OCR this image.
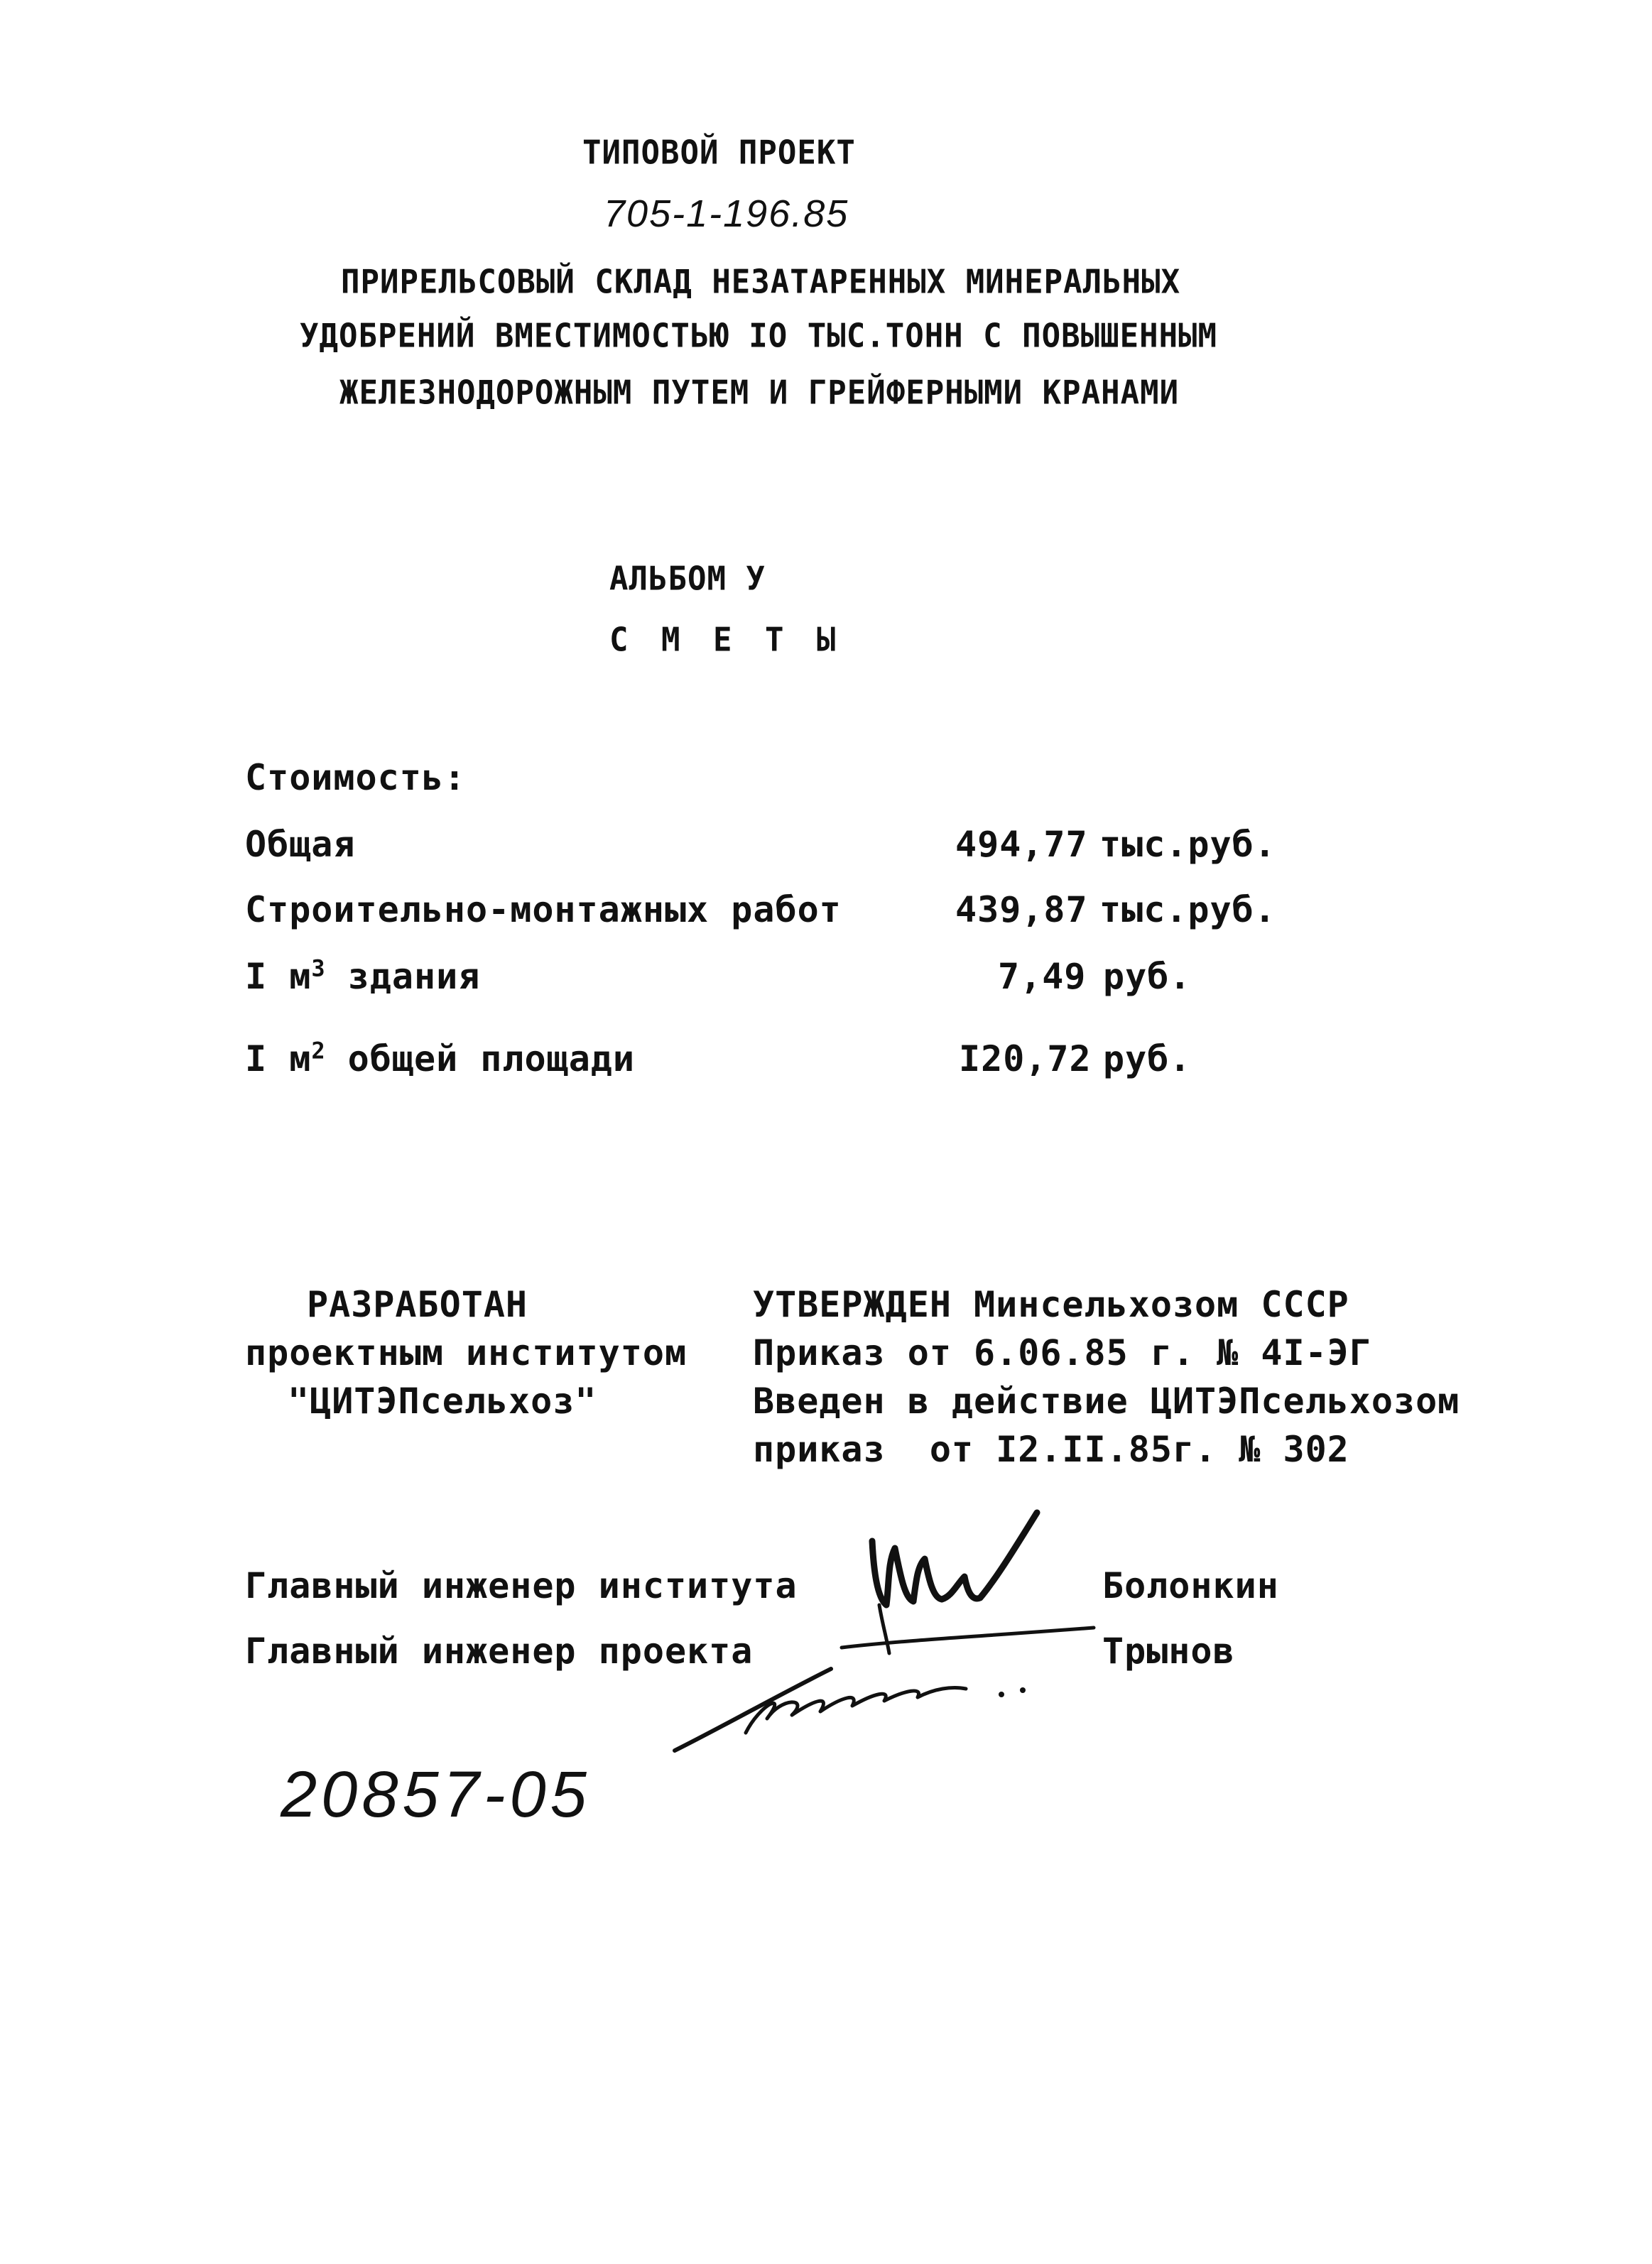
ТИПОВОЙ ПРОЕКТ
705-1-196.85
ПРИРЕЛЬСОВЫЙ СКЛАД НЕЗАТАРЕННЫХ МИНЕРАЛЬНЫХ
УДОБРЕНИЙ ВМЕСТИМОСТЬЮ IO ТЫС.ТОНН С ПОВЫШЕННЫМ
ЖЕЛЕЗНОДОРОЖНЫМ ПУТЕМ И ГРЕЙФЕРНЫМИ КРАНАМИ
АЛЬБОМ У
С М Е Т Ы
Стоимость:
Общая	494,77 тыс.руб.
Строительно-монтажных работ	439,87 тыс.руб.
I $м^3$ здания	7,49 руб.
I $м^2$ общей площади	I20,72 руб.
РАЗРАБОТАН
проектным институтом
"ЦИТЭПсельхоз"
УТВЕРЖДЕН Минсельхозом СССР
Приказ от 6.06.85 г. № 4I-ЭГ
Введен в действие ЦИТЭПсельхозом
приказ  от I2.II.85г. № 302
Главный инженер института	Болонкин
Главный инженер проекта	Трынов
20857-05
